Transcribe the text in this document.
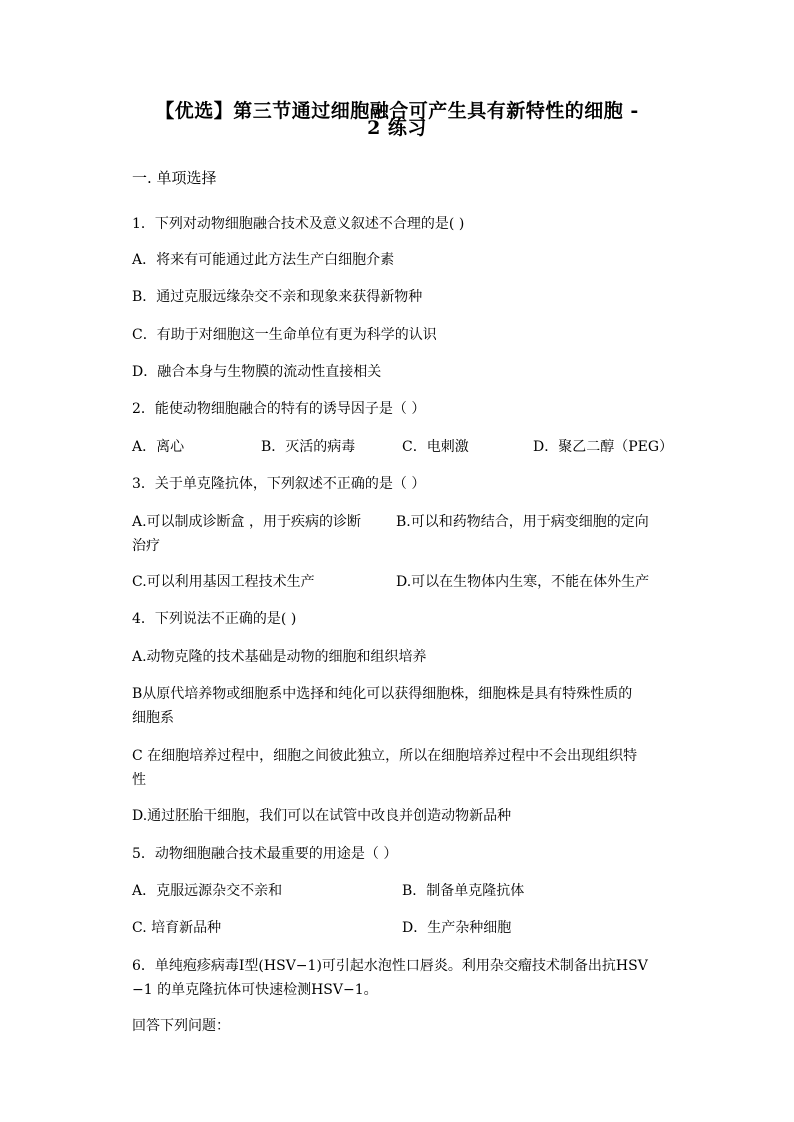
【优选】第三节通过细胞融合可产生具有新特性的细胞 -
2 练习
一. 单项选择
1．下列对动物细胞融合技术及意义叙述不合理的是( )
A．将来有可能通过此方法生产白细胞介素
B．通过克服远缘杂交不亲和现象来获得新物种
C．有助于对细胞这一生命单位有更为科学的认识
D．融合本身与生物膜的流动性直接相关
2．能使动物细胞融合的特有的诱导因子是（ ）
A．离心	B．灭活的病毒	C．电刺激	D．聚乙二醇（PEG）
3．关于单克隆抗体，下列叙述不正确的是（ ）
A.可以制成诊断盒 ，用于疾病的诊断 B.可以和药物结合，用于病变细胞的定向
治疗
C.可以利用基因工程技术生产	D.可以在生物体内生寒，不能在体外生产
4．下列说法不正确的是( )
A.动物克隆的技术基础是动物的细胞和组织培养
B从原代培养物或细胞系中选择和纯化可以获得细胞株，细胞株是具有特殊性质的
细胞系
C 在细胞培养过程中，细胞之间彼此独立，所以在细胞培养过程中不会出现组织特
性
D.通过胚胎干细胞，我们可以在试管中改良并创造动物新品种
5．动物细胞融合技术最重要的用途是（ ）
A．克服远源杂交不亲和	B．制备单克隆抗体
C. 培育新品种	D．生产杂种细胞
6．单纯疱疹病毒Ⅰ型(HSV−1)可引起水泡性口唇炎。利用杂交瘤技术制备出抗HSV
−1 的单克隆抗体可快速检测HSV−1。
回答下列问题：
